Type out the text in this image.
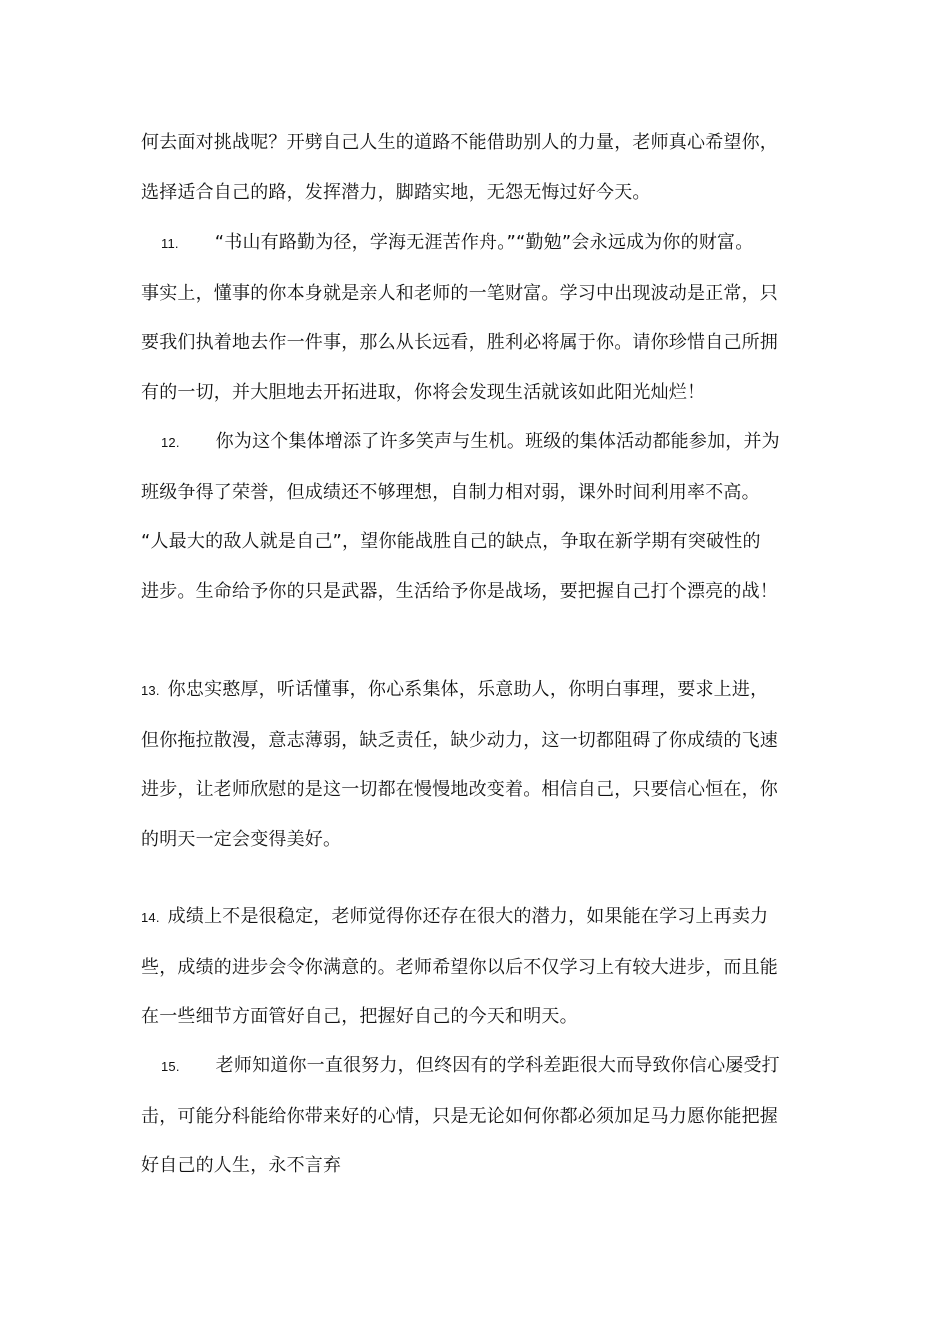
何去面对挑战呢？开劈自己人生的道路不能借助别人的力量，老师真心希望你，
选择适合自己的路，发挥潜力，脚踏实地，无怨无悔过好今天。

11. “书山有路勤为径，学海无涯苦作舟。”“勤勉”会永远成为你的财富。
事实上，懂事的你本身就是亲人和老师的一笔财富。学习中出现波动是正常，只
要我们执着地去作一件事，那么从长远看，胜利必将属于你。请你珍惜自己所拥
有的一切，并大胆地去开拓进取，你将会发现生活就该如此阳光灿烂！

12. 你为这个集体增添了许多笑声与生机。班级的集体活动都能参加，并为
班级争得了荣誉，但成绩还不够理想，自制力相对弱，课外时间利用率不高。
“人最大的敌人就是自己”，望你能战胜自己的缺点，争取在新学期有突破性的
进步。生命给予你的只是武器，生活给予你是战场，要把握自己打个漂亮的战！

13. 你忠实憨厚，听话懂事，你心系集体，乐意助人，你明白事理，要求上进，
但你拖拉散漫，意志薄弱，缺乏责任，缺少动力，这一切都阻碍了你成绩的飞速
进步，让老师欣慰的是这一切都在慢慢地改变着。相信自己，只要信心恒在，你
的明天一定会变得美好。

14. 成绩上不是很稳定，老师觉得你还存在很大的潜力，如果能在学习上再卖力
些，成绩的进步会令你满意的。老师希望你以后不仅学习上有较大进步，而且能
在一些细节方面管好自己，把握好自己的今天和明天。

15. 老师知道你一直很努力，但终因有的学科差距很大而导致你信心屡受打
击，可能分科能给你带来好的心情，只是无论如何你都必须加足马力愿你能把握
好自己的人生，永不言弃
